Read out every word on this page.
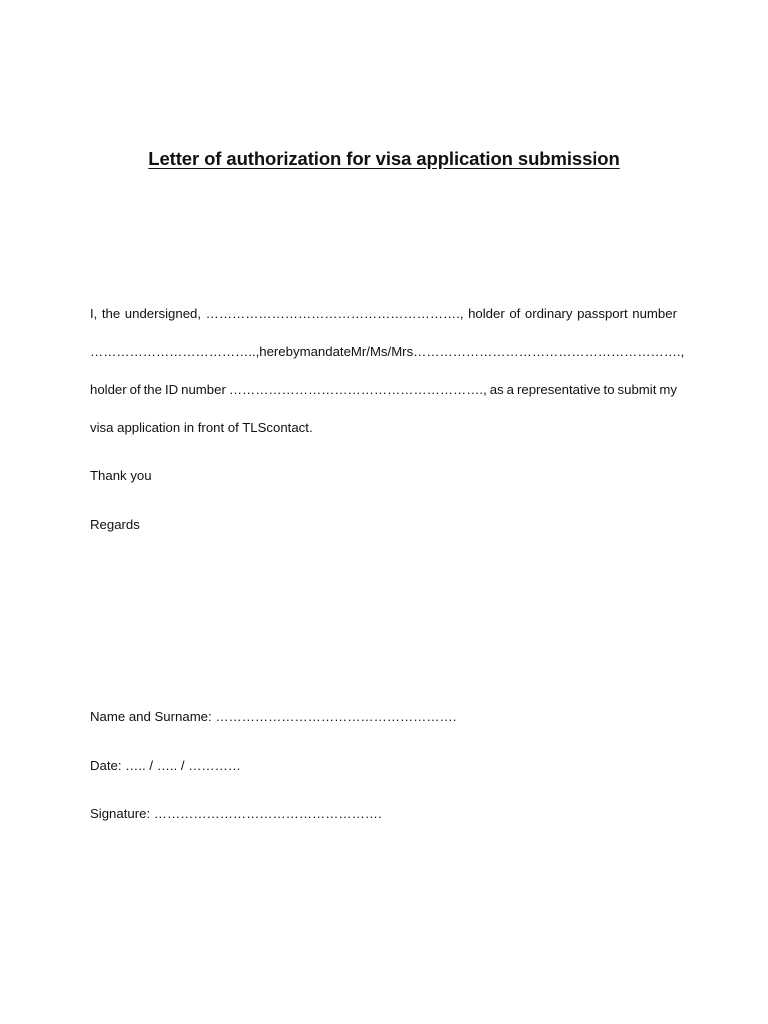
Letter of authorization for visa application submission
I, the undersigned, …………………………………………………., holder of ordinary passport number
……………………………….., hereby mandate Mr/Ms/Mrs …………………………………………………….,
holder of the ID number …………………………………………………., as a representative to submit my
visa application in front of TLScontact.
Thank you
Regards
Name and Surname: ……………………………………………….
Date: ….. / ….. / …………
Signature: …………………………………………….
